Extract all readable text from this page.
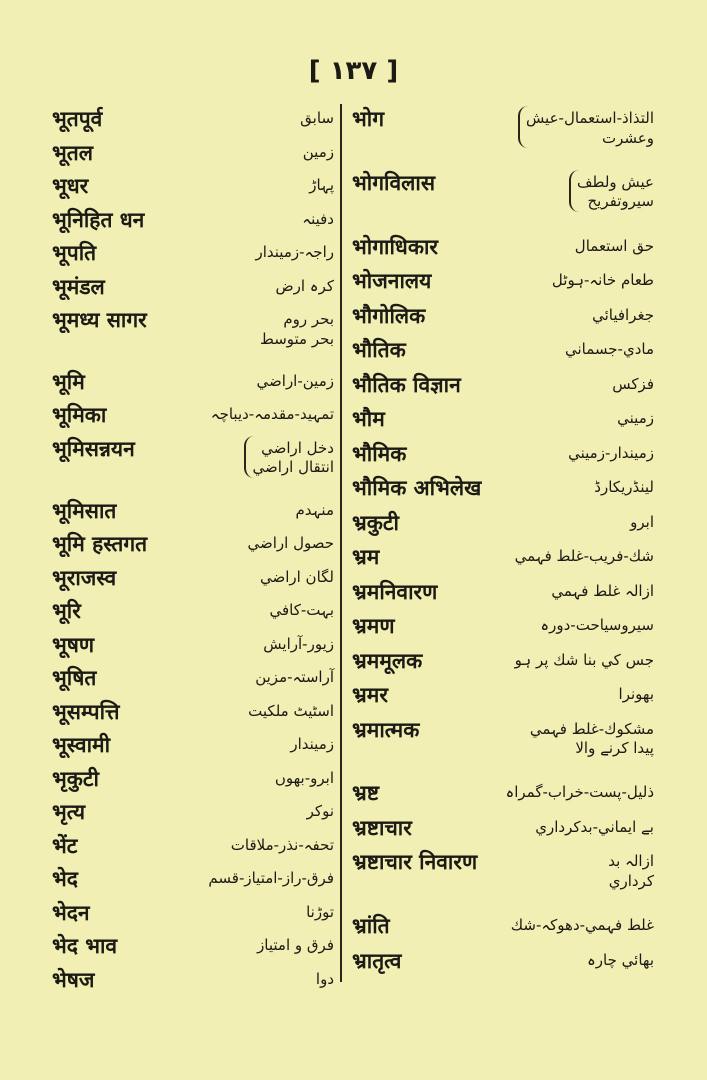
[ ١٣٧ ]
भूतपूर्व	سابق
भूतल	زمين
भूधर	پہاڑ
भूनिहित धन	دفينہ
भूपति	راجہ-زميندار
भूमंडल	كرہ ارض
भूमध्य सागर	بحر روم
بحر متوسط
भूमि	زمين-اراضي
भूमिका	تمہيد-مقدمہ-ديباچہ
भूमिसन्नयन	دخل اراضي
انتقال اراضي
भूमिसात	منہدم
भूमि हस्तगत	حصول اراضي
भूराजस्व	لگان اراضي
भूरि	بہت-كافي
भूषण	زيور-آرايش
भूषित	آراستہ-مزين
भूसम्पत्ति	اسٹيٹ ملكيت
भूस्वामी	زميندار
भृकुटी	ابرو-بھوں
भृत्य	نوكر
भेंट	تحفہ-نذر-ملاقات
भेद	فرق-راز-امتياز-قسم
भेदन	توڑنا
भेद भाव	فرق و امتياز
भेषज	دوا
भोग	التذاذ-استعمال-عيش
وعشرت
भोगविलास	عيش ولطف
سيروتفريح
भोगाधिकार	حق استعمال
भोजनालय	طعام خانہ-ہوٹل
भौगोलिक	جغرافيائي
भौतिक	مادي-جسماني
भौतिक विज्ञान	فزكس
भौम	زميني
भौमिक	زميندار-زميني
भौमिक अभिलेख	لينڈريكارڈ
भ्रकुटी	ابرو
भ्रम	شك-فريب-غلط فہمي
भ्रमनिवारण	ازالہ غلط فہمي
भ्रमण	سيروسياحت-دورہ
भ्रममूलक	جس كي بنا شك پر ہو
भ्रमर	بھونرا
भ्रमात्मक	مشكوك-غلط فہمي
پيدا كرنے والا
भ्रष्ट	ذليل-پست-خراب-گمراہ
भ्रष्टाचार	بے ايماني-بدكرداري
भ्रष्टाचार निवारण	ازالہ بد
كرداري
भ्रांति	غلط فہمي-دھوكہ-شك
भ्रातृत्व	بھائي چارہ
